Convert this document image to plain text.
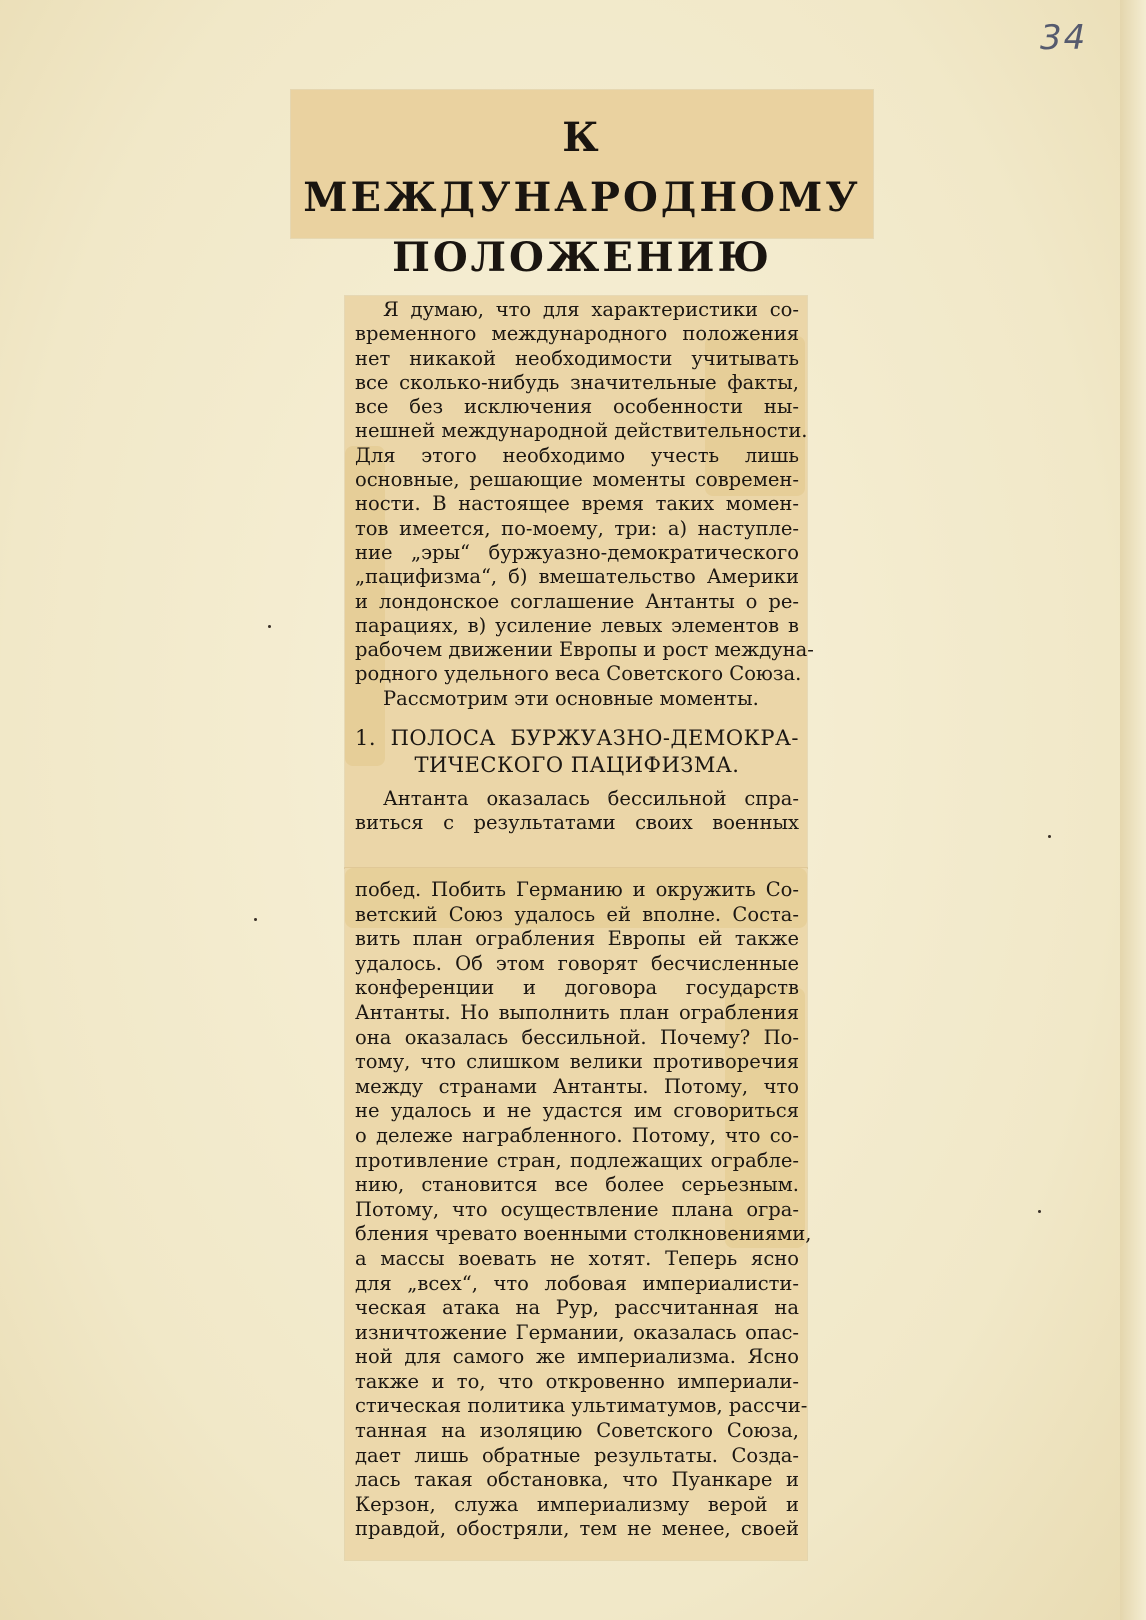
34
К МЕЖДУНАРОДНОМУ
ПОЛОЖЕНИЮ
Я думаю, что для характеристики со-
временного международного положения
нет никакой необходимости учитывать
все сколько-нибудь значительные факты,
все без исключения особенности ны-
нешней международной действительности.
Для этого необходимо учесть лишь
основные, решающие моменты современ-
ности. В настоящее время таких момен-
тов имеется, по-моему, три: а) наступле-
ние „эры“ буржуазно-демократического
„пацифизма“, б) вмешательство Америки
и лондонское соглашение Антанты о ре-
парациях, в) усиление левых элементов в
рабочем движении Европы и рост междуна-
родного удельного веса Советского Союза.
Рассмотрим эти основные моменты.
1. ПОЛОСА БУРЖУАЗНО-ДЕМОКРА-
ТИЧЕСКОГО ПАЦИФИЗМА.
Антанта оказалась бессильной спра-
виться с результатами своих военных
побед. Побить Германию и окружить Со-
ветский Союз удалось ей вполне. Соста-
вить план ограбления Европы ей также
удалось. Об этом говорят бесчисленные
конференции и договора государств
Антанты. Но выполнить план ограбления
она оказалась бессильной. Почему? По-
тому, что слишком велики противоречия
между странами Антанты. Потому, что
не удалось и не удастся им сговориться
о дележе награбленного. Потому, что со-
противление стран, подлежащих ограбле-
нию, становится все более серьезным.
Потому, что осуществление плана огра-
бления чревато военными столкновениями,
а массы воевать не хотят. Теперь ясно
для „всех“, что лобовая империалисти-
ческая атака на Рур, рассчитанная на
изничтожение Германии, оказалась опас-
ной для самого же империализма. Ясно
также и то, что откровенно империали-
стическая политика ультиматумов, рассчи-
танная на изоляцию Советского Союза,
дает лишь обратные результаты. Созда-
лась такая обстановка, что Пуанкаре и
Керзон, служа империализму верой и
правдой, обостряли, тем не менее, своей
